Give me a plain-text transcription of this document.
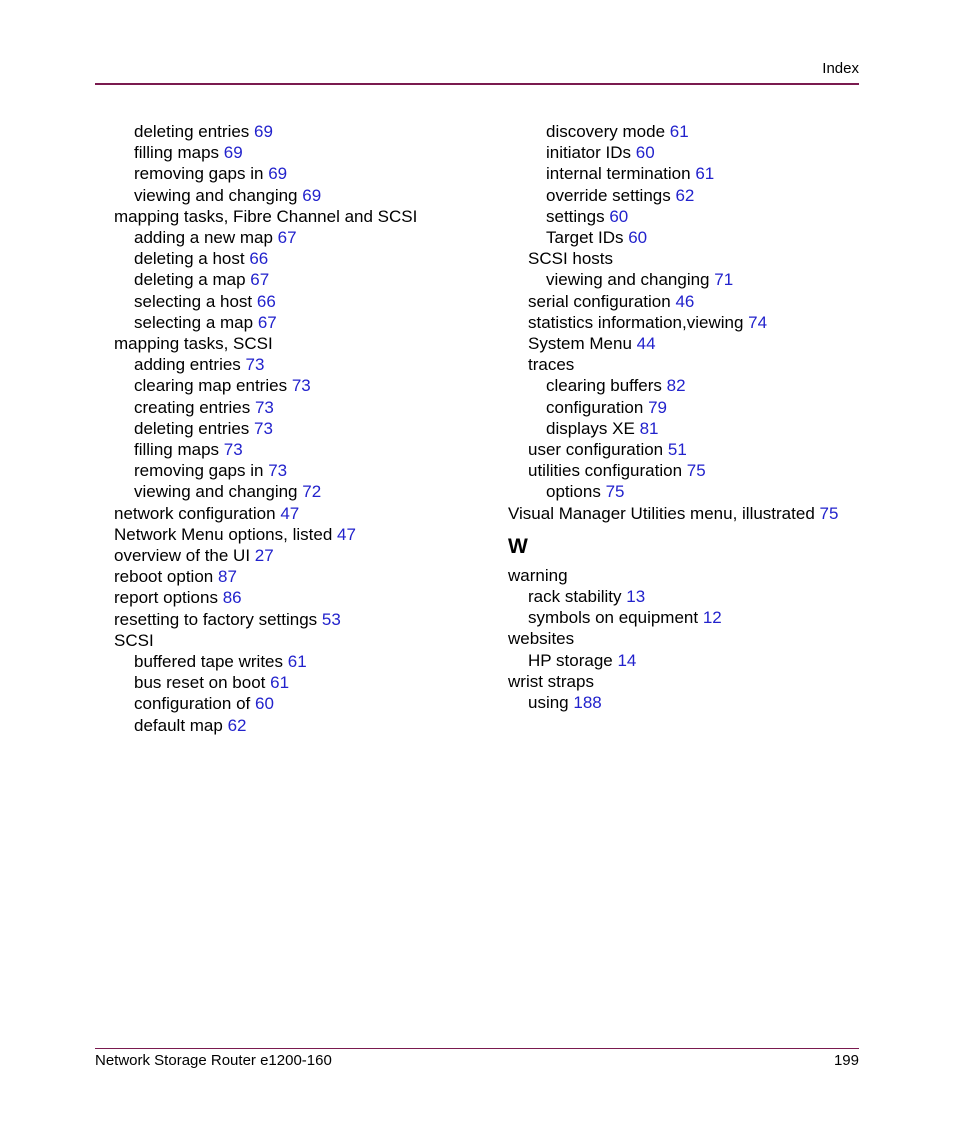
Index
deleting entries 69
filling maps 69
removing gaps in 69
viewing and changing 69
mapping tasks, Fibre Channel and SCSI
adding a new map 67
deleting a host 66
deleting a map 67
selecting a host 66
selecting a map 67
mapping tasks, SCSI
adding entries 73
clearing map entries 73
creating entries 73
deleting entries 73
filling maps 73
removing gaps in 73
viewing and changing 72
network configuration 47
Network Menu options, listed 47
overview of the UI 27
reboot option 87
report options 86
resetting to factory settings 53
SCSI
buffered tape writes 61
bus reset on boot 61
configuration of 60
default map 62
discovery mode 61
initiator IDs 60
internal termination 61
override settings 62
settings 60
Target IDs 60
SCSI hosts
viewing and changing 71
serial configuration 46
statistics information,viewing 74
System Menu 44
traces
clearing buffers 82
configuration 79
displays XE 81
user configuration 51
utilities configuration 75
options 75
Visual Manager Utilities menu, illustrated 75
W
warning
rack stability 13
symbols on equipment 12
websites
HP storage 14
wrist straps
using 188
Network Storage Router e1200-160	199
